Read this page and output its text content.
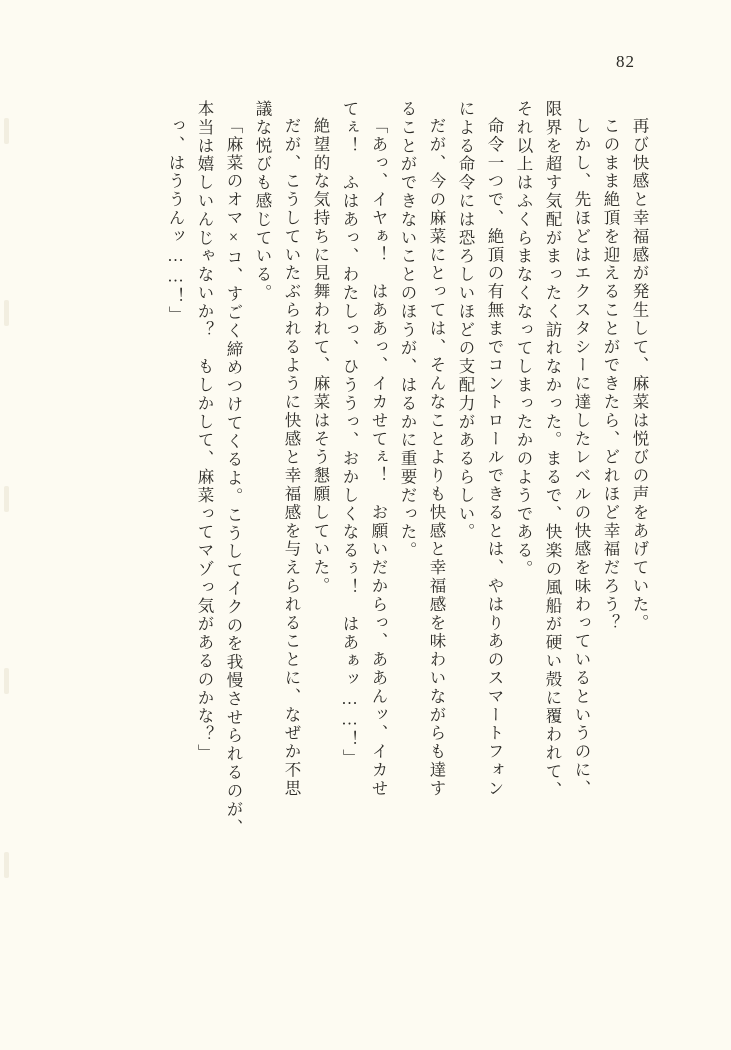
82
再び快感と幸福感が発生して、麻菜は悦びの声をあげていた。
このまま絶頂を迎えることができたら、どれほど幸福だろう？
しかし、先ほどはエクスタシーに達したレベルの快感を味わっているというのに、
限界を超す気配がまったく訪れなかった。まるで、快楽の風船が硬い殻に覆われて、
それ以上はふくらまなくなってしまったかのようである。
命令一つで、絶頂の有無までコントロールできるとは、やはりあのスマートフォン
による命令には恐ろしいほどの支配力があるらしい。
だが、今の麻菜にとっては、そんなことよりも快感と幸福感を味わいながらも達す
ることができないことのほうが、はるかに重要だった。
「あっ、イヤぁ！　はああっ、イカせてぇ！　お願いだからっ、ああんッ、イカせ
てぇ！　ふはあっ、わたしっ、ひううっ、おかしくなるぅ！　はあぁッ……！」
絶望的な気持ちに見舞われて、麻菜はそう懇願していた。
だが、こうしていたぶられるように快感と幸福感を与えられることに、なぜか不思
議な悦びも感じている。
「麻菜のオマ×コ、すごく締めつけてくるよ。こうしてイクのを我慢させられるのが、
本当は嬉しいんじゃないか？　もしかして、麻菜ってマゾっ気があるのかな？」
っ、はううんッ……！」
